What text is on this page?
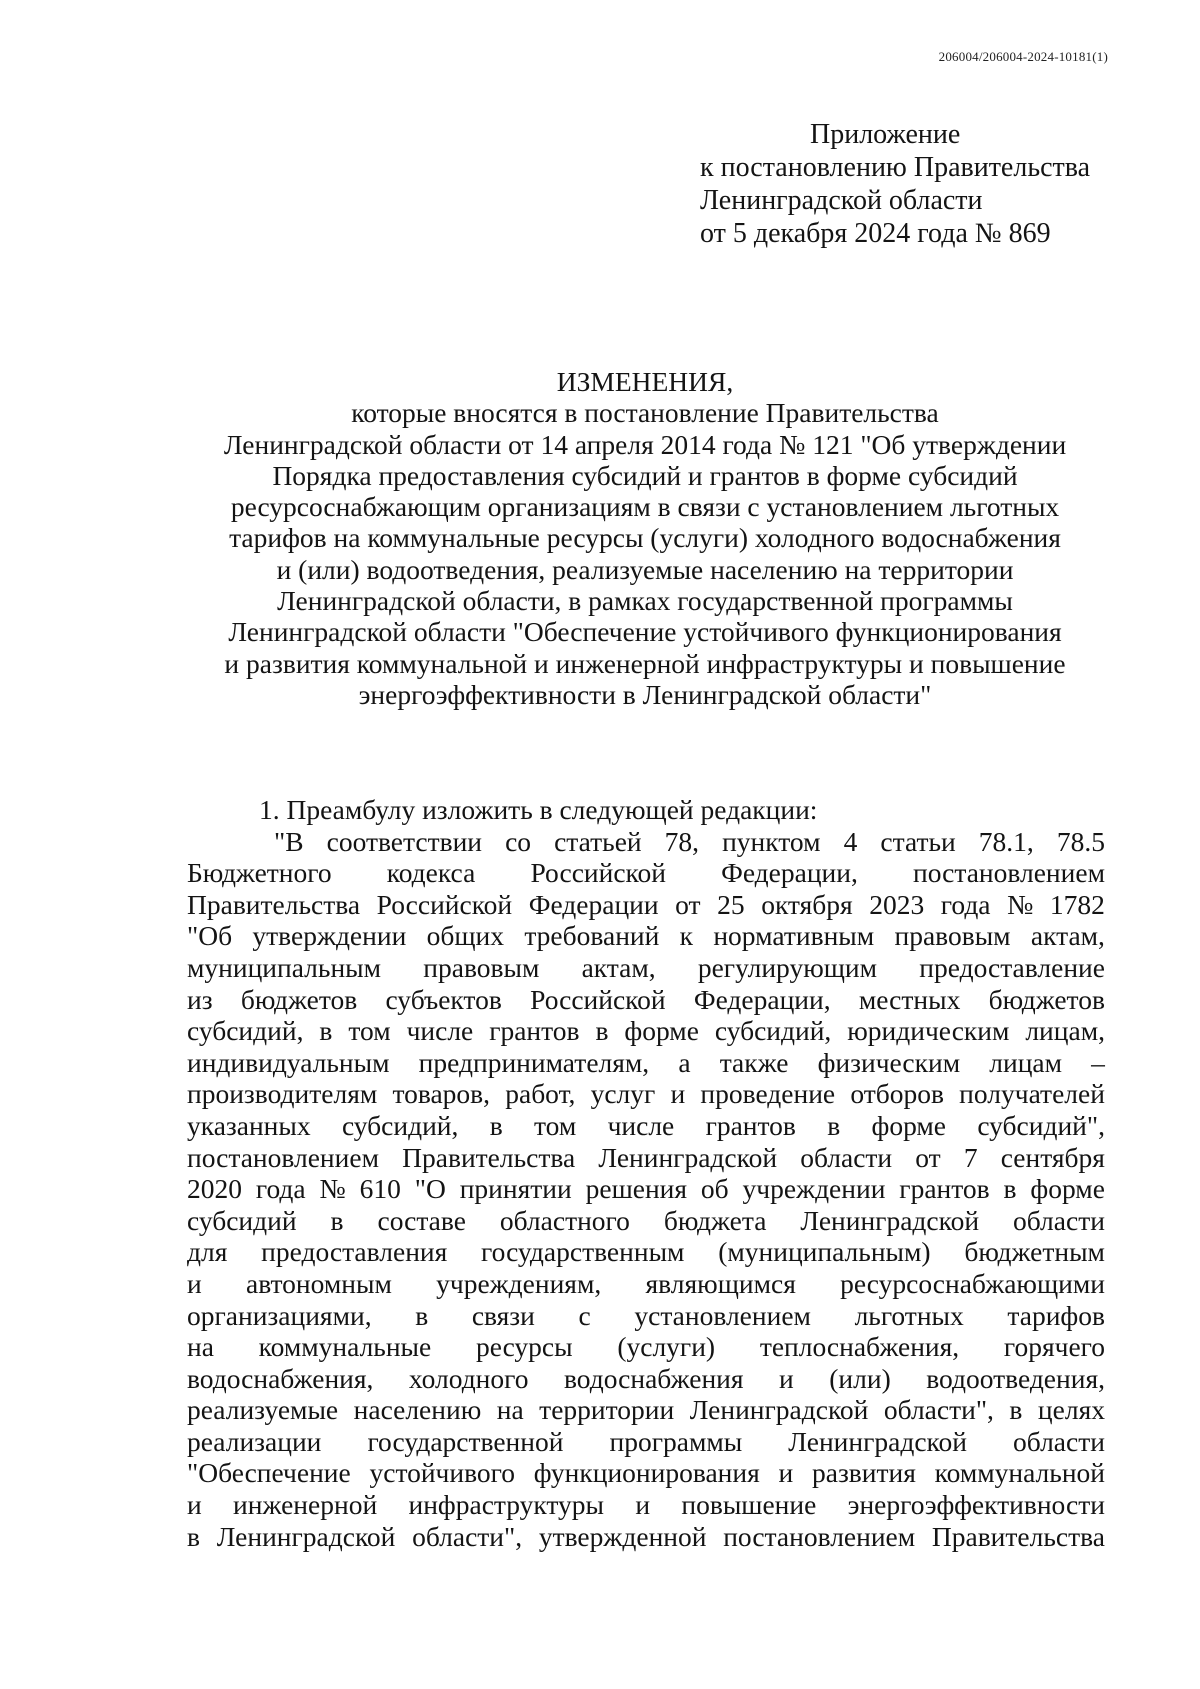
206004/206004-2024-10181(1)
Приложение
к постановлению Правительства
Ленинградской области
от 5 декабря 2024 года № 869
ИЗМЕНЕНИЯ,
которые вносятся в постановление Правительства
Ленинградской области от 14 апреля 2014 года № 121 "Об утверждении
Порядка предоставления субсидий и грантов в форме субсидий
ресурсоснабжающим организациям в связи с установлением льготных
тарифов на коммунальные ресурсы (услуги) холодного водоснабжения
и (или) водоотведения, реализуемые населению на территории
Ленинградской области, в рамках государственной программы
Ленинградской области "Обеспечение устойчивого функционирования
и развития коммунальной и инженерной инфраструктуры и повышение
энергоэффективности в Ленинградской области"
1. Преамбулу изложить в следующей редакции:
"В соответствии со статьей 78, пунктом 4 статьи 78.1, 78.5
Бюджетного кодекса Российской Федерации, постановлением
Правительства Российской Федерации от 25 октября 2023 года № 1782
"Об утверждении общих требований к нормативным правовым актам,
муниципальным правовым актам, регулирующим предоставление
из бюджетов субъектов Российской Федерации, местных бюджетов
субсидий, в том числе грантов в форме субсидий, юридическим лицам,
индивидуальным предпринимателям, а также физическим лицам –
производителям товаров, работ, услуг и проведение отборов получателей
указанных субсидий, в том числе грантов в форме субсидий",
постановлением Правительства Ленинградской области от 7 сентября
2020 года № 610 "О принятии решения об учреждении грантов в форме
субсидий в составе областного бюджета Ленинградской области
для предоставления государственным (муниципальным) бюджетным
и автономным учреждениям, являющимся ресурсоснабжающими
организациями, в связи с установлением льготных тарифов
на коммунальные ресурсы (услуги) теплоснабжения, горячего
водоснабжения, холодного водоснабжения и (или) водоотведения,
реализуемые населению на территории Ленинградской области", в целях
реализации государственной программы Ленинградской области
"Обеспечение устойчивого функционирования и развития коммунальной
и инженерной инфраструктуры и повышение энергоэффективности
в Ленинградской области", утвержденной постановлением Правительства
